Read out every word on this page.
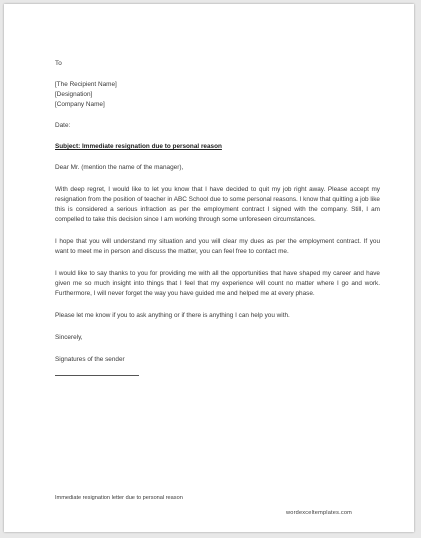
To
[The Recipient Name]
[Designation]
[Company Name]
Date:
Subject: Immediate resignation due to personal reason
Dear Mr. (mention the name of the manager),

With deep regret, I would like to let you know that I have decided to quit my job right away. Please accept my resignation from the position of teacher in ABC School due to some personal reasons. I know that quitting a job like this is considered a serious infraction as per the employment contract I signed with the company. Still, I am compelled to take this decision since I am working through some unforeseen circumstances.

I hope that you will understand my situation and you will clear my dues as per the employment contract. If you want to meet me in person and discuss the matter, you can feel free to contact me.

I would like to say thanks to you for providing me with all the opportunities that have shaped my career and have given me so much insight into things that I feel that my experience will count no matter where I go and work. Furthermore, I will never forget the way you have guided me and helped me at every phase.

Please let me know if you to ask anything or if there is anything I can help you with.

Sincerely,
Signatures of the sender
Immediate resignation letter due to personal reason
wordexceltemplates.com
